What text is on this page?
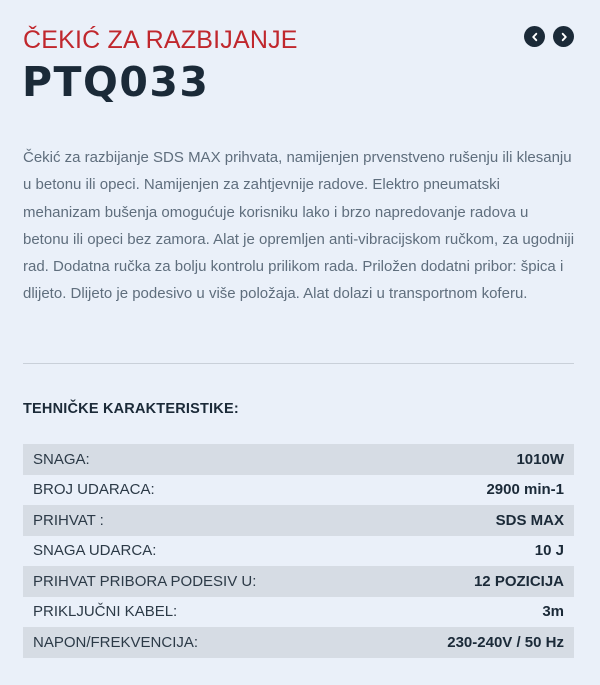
ČEKIĆ ZA RAZBIJANJE
PTQ033

Čekić za razbijanje SDS MAX prihvata, namijenjen prvenstveno rušenju ili klesanju u betonu ili opeci. Namijenjen za zahtjevnije radove. Elektro pneumatski mehanizam bušenja omogućuje korisniku lako i brzo napredovanje radova u betonu ili opeci bez zamora. Alat je opremljen anti-vibracijskom ručkom, za ugodniji rad. Dodatna ručka za bolju kontrolu prilikom rada. Priložen dodatni pribor: špica i dlijeto. Dlijeto je podesivo u više položaja. Alat dolazi u transportnom koferu.

TEHNIČKE KARAKTERISTIKE:
SNAGA:	1010W
BROJ UDARACA:	2900 min-1
PRIHVAT :	SDS MAX
SNAGA UDARCA:	10 J
PRIHVAT PRIBORA PODESIV U:	12 POZICIJA
PRIKLJUČNI KABEL:	3m
NAPON/FREKVENCIJA:	230-240V / 50 Hz
